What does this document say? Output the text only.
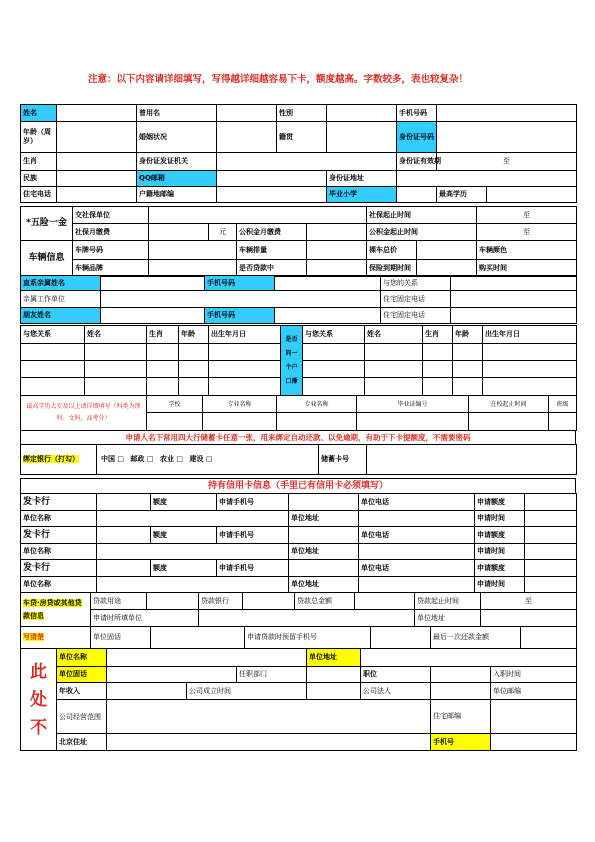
注意：以下内容请详细填写，写得越详细越容易下卡，额度越高。字数较多，表也较复杂！
姓名		曾用名		性别		手机号码		
年龄（周岁）		婚姻状况		籍贯		身份证号码		
生肖		身份证发证机关				身份证有效期	至	
民族		QQ邮箱			身份证地址			
住宅电话		户籍地邮编			毕业小学		最高学历	
*五险一金	交社保单位					社保起止时间		至
	社保月缴费		元	公积金月缴费		公积金起止时间		至
车辆信息	车牌号码			车辆排量		裸车总价		车辆颜色
	车辆品牌			是否贷款中		保险到期时间		购买时间
直系亲属姓名		手机号码		与您的关系	
亲属工作单位				住宅固定电话	
朋友姓名		手机号码		住宅固定电话	
与您关系	姓名	生肖	年龄	出生年月日	是否同一个户口簿	与您关系	姓名	生肖	年龄	出生年月日

最高学历大专及以上请详细填写（科类为理科、文科、高考分）	学校	专业名称	专业名称	毕业证编号	在校起止时间	班级

申请人名下常用四大行储蓄卡任意一张，用来绑定自动还款、以免逾期，有助于下卡提额度，不需要密码
绑定银行（打勾）	中国 □ 邮政 □ 农业 □ 建设 □	储蓄卡号	
持有信用卡信息（手里已有信用卡必须填写）
发卡行		额度	申请手机号		单位电话	申请额度	
单位名称				单位地址		申请时间	
发卡行		额度	申请手机号		单位电话	申请额度	
单位名称				单位地址		申请时间	
发卡行		额度	申请手机号		单位电话	申请额度	
单位名称				单位地址		申请时间	
车贷·房贷或其他贷款信息	贷款用途		贷款银行		贷款总金额		贷款起止时间	至
	申请时所填单位						单位地址	
写清楚	单位固话		申请贷款时预留手机号		最后一次还款金额	
此
处
不	单位名称				单位地址			
	单位固话			任职部门		职位		入职时间
	年收入		公司成立时间			公司法人		单位邮编
	公司经营范围						住宅邮编	
	北京住址						手机号	
